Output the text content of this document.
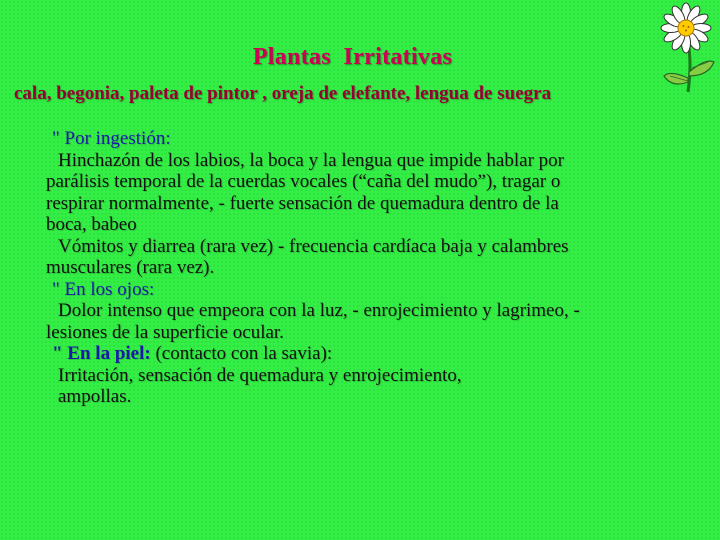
Plantas  Irritativas
cala, begonia, paleta de pintor , oreja de elefante, lengua de suegra
" Por ingestión:
Hinchazón de los labios, la boca y la lengua que impide hablar por
parálisis temporal de la cuerdas vocales (“caña del mudo”), tragar o
respirar normalmente, - fuerte sensación de quemadura dentro de la
boca, babeo
Vómitos y diarrea (rara vez) - frecuencia cardíaca baja y calambres
musculares (rara vez).
" En los ojos:
Dolor intenso que empeora con la luz, - enrojecimiento y lagrimeo, -
lesiones de la superficie ocular.
" En la piel: (contacto con la savia):
Irritación, sensación de quemadura y enrojecimiento,
ampollas.
